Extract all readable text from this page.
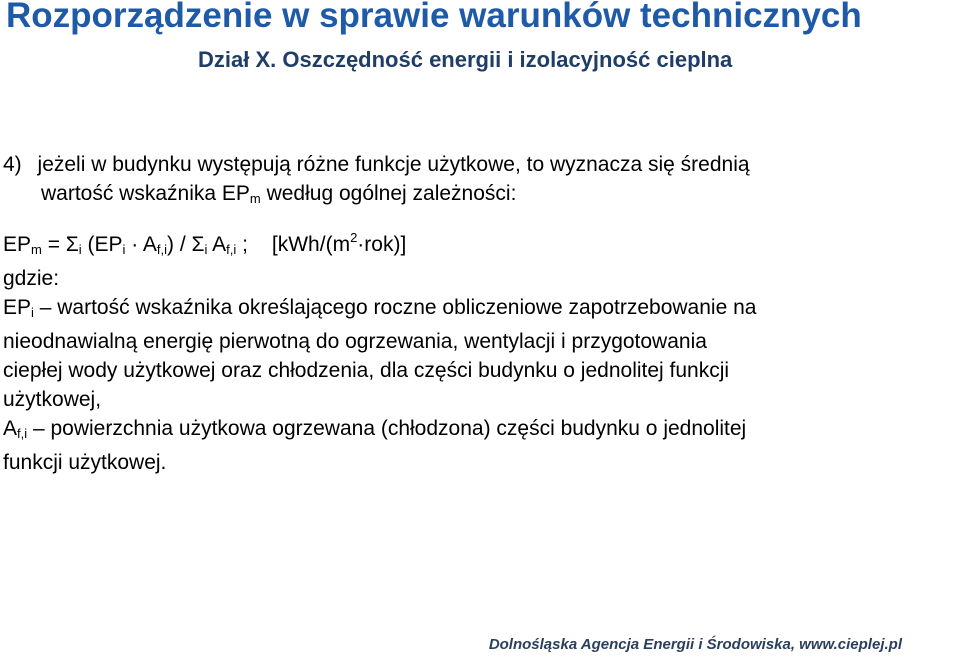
Rozporządzenie w sprawie warunków technicznych
Dział X. Oszczędność energii i izolacyjność cieplna
4) jeżeli w budynku występują różne funkcje użytkowe, to wyznacza się średnią
wartość wskaźnika $EP_m$ według ogólnej zależności:
$EP_m = \Sigma_i$ $(EP_i \cdot A_{f,i}) / \Sigma_i$ $A_{f,i}$ ; $[kWh/(m^2\cdot rok)]$
gdzie:
$EP_i$ – wartość wskaźnika określającego roczne obliczeniowe zapotrzebowanie na
nieodnawialną energię pierwotną do ogrzewania, wentylacji i przygotowania
ciepłej wody użytkowej oraz chłodzenia, dla części budynku o jednolitej funkcji
użytkowej,
$A_{f,i}$ – powierzchnia użytkowa ogrzewana (chłodzona) części budynku o jednolitej
funkcji użytkowej.
Dolnośląska Agencja Energii i Środowiska, www.cieplej.pl
